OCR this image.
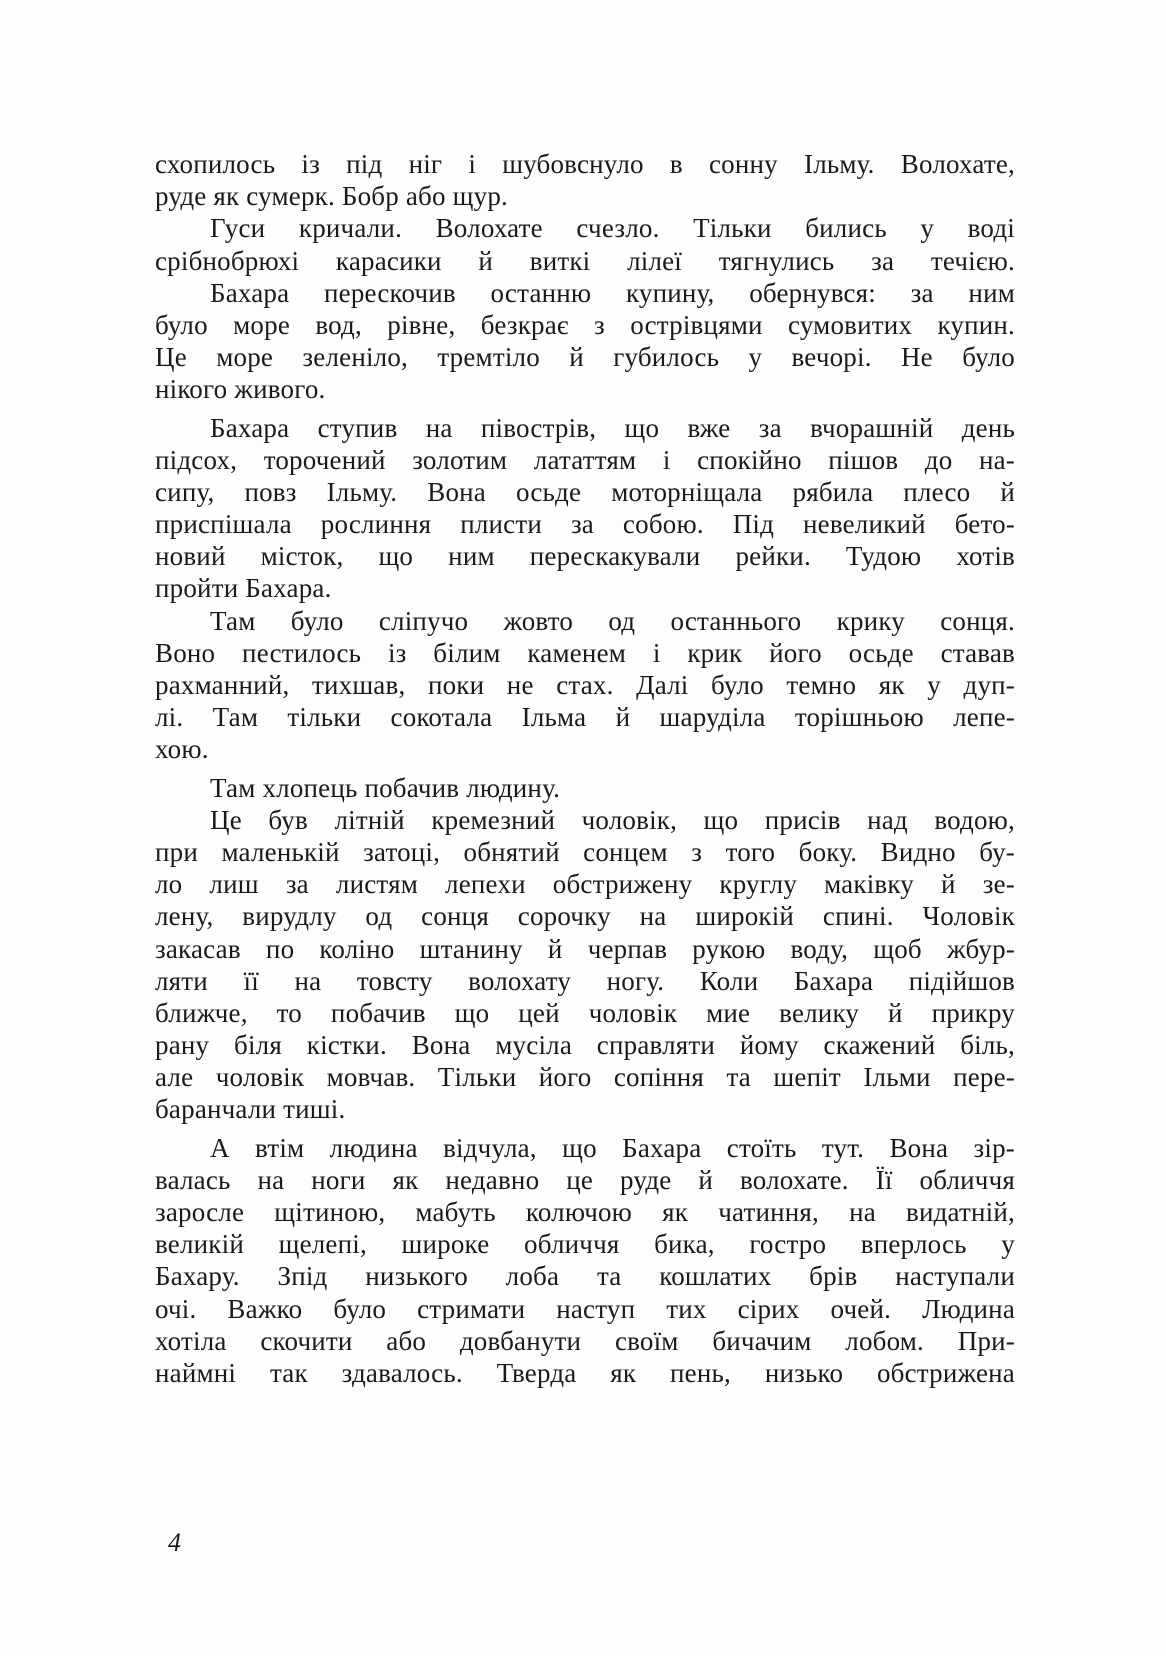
схопилось із під ніг і шубовснуло в сонну Ільму. Волохате,
руде як сумерк. Бобр або щур.
Гуси кричали. Волохате счезло. Тільки бились у воді
срібнобрюхі карасики й виткі лілеї тягнулись за течією.
Бахара перескочив останню купину, обернувся: за ним
було море вод, рівне, безкрає з острівцями сумовитих купин.
Це море зеленіло, тремтіло й губилось у вечорі. Не було
нікого живого.
Бахара ступив на півострів, що вже за вчорашній день
підсох, торочений золотим лататтям і спокійно пішов до на-
сипу, повз Ільму. Вона осьде моторніщала рябила плесо й
приспішала рослиння плисти за собою. Під невеликий бето-
новий місток, що ним перескакували рейки. Тудою хотів
пройти Бахара.
Там було сліпучо жовто од останнього крику сонця.
Воно пестилось із білим каменем і крик його осьде ставав
рахманний, тихшав, поки не стах. Далі було темно як у дуп-
лі. Там тільки сокотала Ільма й шаруділа торішньою лепе-
хою.
Там хлопець побачив людину.
Це був літній кремезний чоловік, що присів над водою,
при маленькій затоці, обнятий сонцем з того боку. Видно бу-
ло лиш за листям лепехи обстрижену круглу маківку й зе-
лену, вирудлу од сонця сорочку на широкій спині. Чоловік
закасав по коліно штанину й черпав рукою воду, щоб жбур-
ляти її на товсту волохату ногу. Коли Бахара підійшов
ближче, то побачив що цей чоловік мие велику й прикру
рану біля кістки. Вона мусіла справляти йому скажений біль,
але чоловік мовчав. Тільки його сопіння та шепіт Ільми пере-
баранчали тиші.
А втім людина відчула, що Бахара стоїть тут. Вона зір-
валась на ноги як недавно це руде й волохате. Її обличчя
заросле щітиною, мабуть колючою як чатиння, на видатній,
великій щелепі, широке обличчя бика, гостро вперлось у
Бахару. Зпід низького лоба та кошлатих брів наступали
очі. Важко було стримати наступ тих сірих очей. Людина
хотіла скочити або довбанути своїм бичачим лобом. При-
наймні так здавалось. Тверда як пень, низько обстрижена
4
